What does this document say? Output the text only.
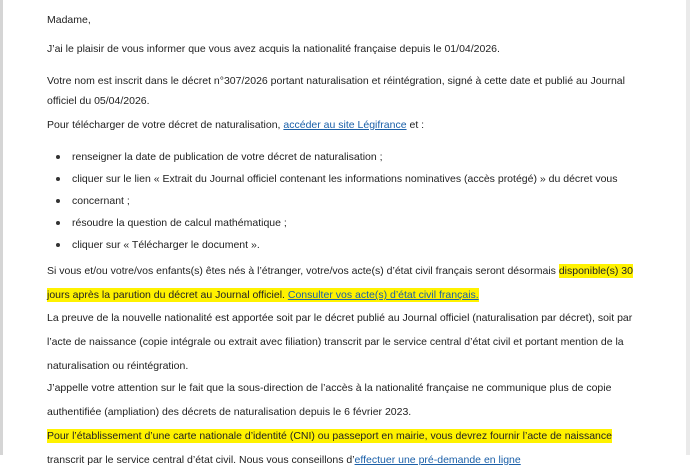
Madame,

J’ai le plaisir de vous informer que vous avez acquis la nationalité française depuis le 01/04/2026.

Votre nom est inscrit dans le décret n°307/2026 portant naturalisation et réintégration, signé à cette date et publié au Journal
officiel du 05/04/2026.

Pour télécharger de votre décret de naturalisation, accéder au site Légifrance et :

renseigner la date de publication de votre décret de naturalisation ;
cliquer sur le lien « Extrait du Journal officiel contenant les informations nominatives (accès protégé) » du décret vous
concernant ;
résoudre la question de calcul mathématique ;
cliquer sur « Télécharger le document ».

Si vous et/ou votre/vos enfants(s) êtes nés à l’étranger, votre/vos acte(s) d’état civil français seront désormais disponible(s) 30
jours après la parution du décret au Journal officiel. Consulter vos acte(s) d’état civil français.

La preuve de la nouvelle nationalité est apportée soit par le décret publié au Journal officiel (naturalisation par décret), soit par
l’acte de naissance (copie intégrale ou extrait avec filiation) transcrit par le service central d’état civil et portant mention de la
naturalisation ou réintégration.

J’appelle votre attention sur le fait que la sous-direction de l’accès à la nationalité française ne communique plus de copie
authentifiée (ampliation) des décrets de naturalisation depuis le 6 février 2023.

Pour l’établissement d’une carte nationale d’identité (CNI) ou passeport en mairie, vous devrez fournir l’acte de naissance
transcrit par le service central d’état civil. Nous vous conseillons d’effectuer une pré-demande en ligne
